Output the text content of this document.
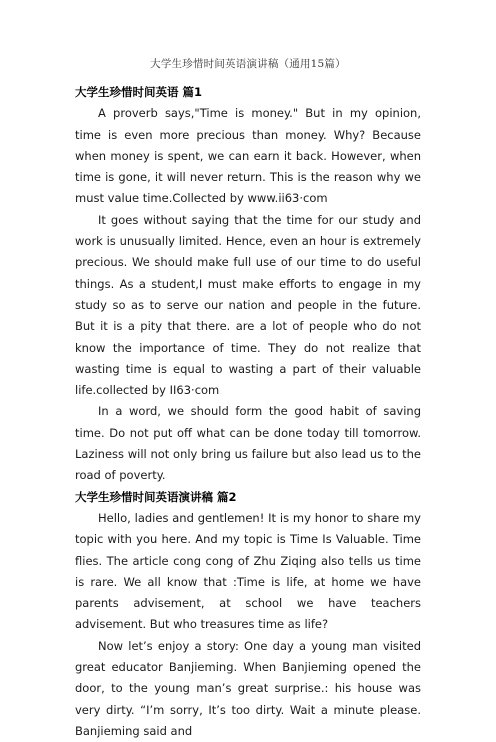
大学生珍惜时间英语演讲稿（通用15篇）

大学生珍惜时间英语 篇1

A proverb says,"Time is money." But in my opinion, time is even more precious than money. Why? Because when money is spent, we can earn it back. However, when time is gone, it will never return. This is the reason why we must value time.Collected by www.ii63·com

It goes without saying that the time for our study and work is unusually limited. Hence, even an hour is extremely precious. We should make full use of our time to do useful things. As a student,I must make efforts to engage in my study so as to serve our nation and people in the future. But it is a pity that there. are a lot of people who do not know the importance of time. They do not realize that wasting time is equal to wasting a part of their valuable life.collected by II63·com

In a word, we should form the good habit of saving time. Do not put off what can be done today till tomorrow. Laziness will not only bring us failure but also lead us to the road of poverty.

大学生珍惜时间英语演讲稿 篇2

Hello, ladies and gentlemen! It is my honor to share my topic with you here. And my topic is Time Is Valuable. Time flies. The article cong cong of Zhu Ziqing also tells us time is rare. We all know that :Time is life, at home we have parents advisement, at school we have teachers advisement. But who treasures time as life?

Now let’s enjoy a story: One day a young man visited great educator Banjieming. When Banjieming opened the door, to the young man’s great surprise.: his house was very dirty. “I’m sorry, It’s too dirty. Wait a minute please. Banjieming said and
